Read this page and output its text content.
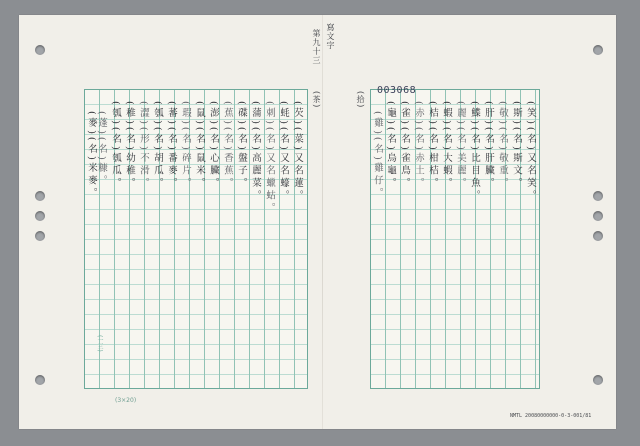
003068
(一三)
(3×20)
寫文字
第九十三
(茶)	(拾)
(芡)(菜)又名蓮。
(蚝)(名)又名蠔。
(刺)(名)又名蠟蛄。
(蒲)(名)高麗菜。
(碟)(名)盤子。
(蕉)(名)香蕉。
(澎)(名)心臟。
(鼠)(名)鼠米。
(瑕)(名)碎片。
(蕃)(名)番麥。
(瓠)(名)胡瓜。
(澀)(形)不滑。
(稚)(名)幼稚。
(瓠)(名)瓠瓜。
(蓬)(名)糠。
(麥)(名)米麥。	(笑)(名)又名笑。
(斯)(名)斯文。
(敬)(名)敬重。
(肝)(名)肝臟。
(鰈)(名)比目魚。
(麗)(名)美麗。
(蝦)(名)大蝦。
(桔)(名)柑桔。
(赤)(名)赤土。
(雀)(名)雀鳥。
(龜)(名)烏龜。
(雞)(名)雞仔。
NMTL 20080000000-0-3-001/81
